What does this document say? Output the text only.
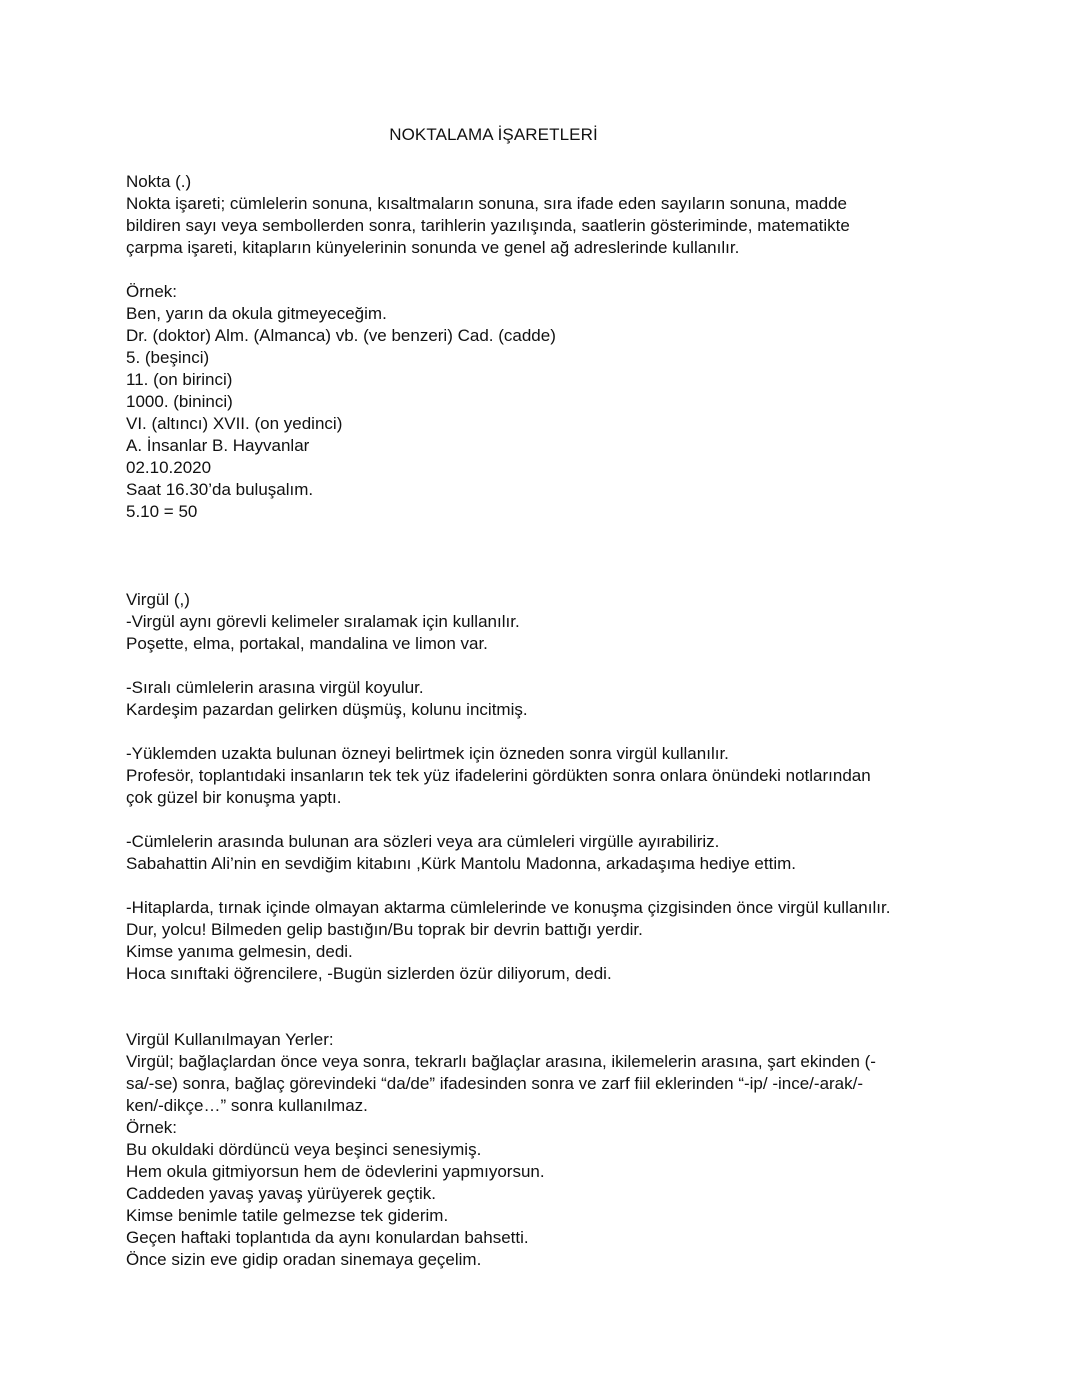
NOKTALAMA İŞARETLERİ
Nokta (.)
Nokta işareti; cümlelerin sonuna, kısaltmaların sonuna, sıra ifade eden sayıların sonuna, madde
bildiren sayı veya sembollerden sonra, tarihlerin yazılışında, saatlerin gösteriminde, matematikte
çarpma işareti, kitapların künyelerinin sonunda ve genel ağ adreslerinde kullanılır.
Örnek:
Ben, yarın da okula gitmeyeceğim.
Dr. (doktor) Alm. (Almanca) vb. (ve benzeri) Cad. (cadde)
5. (beşinci)
11. (on birinci)
1000. (bininci)
VI. (altıncı) XVII. (on yedinci)
A. İnsanlar B. Hayvanlar
02.10.2020
Saat 16.30’da buluşalım.
5.10 = 50
Virgül (,)
-Virgül aynı görevli kelimeler sıralamak için kullanılır.
Poşette, elma, portakal, mandalina ve limon var.
-Sıralı cümlelerin arasına virgül koyulur.
Kardeşim pazardan gelirken düşmüş, kolunu incitmiş.
-Yüklemden uzakta bulunan özneyi belirtmek için özneden sonra virgül kullanılır.
Profesör, toplantıdaki insanların tek tek yüz ifadelerini gördükten sonra onlara önündeki notlarından
çok güzel bir konuşma yaptı.
-Cümlelerin arasında bulunan ara sözleri veya ara cümleleri virgülle ayırabiliriz.
Sabahattin Ali’nin en sevdiğim kitabını ,Kürk Mantolu Madonna, arkadaşıma hediye ettim.
-Hitaplarda, tırnak içinde olmayan aktarma cümlelerinde ve konuşma çizgisinden önce virgül kullanılır.
Dur, yolcu! Bilmeden gelip bastığın/Bu toprak bir devrin battığı yerdir.
Kimse yanıma gelmesin, dedi.
Hoca sınıftaki öğrencilere, -Bugün sizlerden özür diliyorum, dedi.
Virgül Kullanılmayan Yerler:
Virgül; bağlaçlardan önce veya sonra, tekrarlı bağlaçlar arasına, ikilemelerin arasına, şart ekinden (-
sa/-se) sonra, bağlaç görevindeki “da/de” ifadesinden sonra ve zarf fiil eklerinden “-ip/ -ince/-arak/-
ken/-dikçe…” sonra kullanılmaz.
Örnek:
Bu okuldaki dördüncü veya beşinci senesiymiş.
Hem okula gitmiyorsun hem de ödevlerini yapmıyorsun.
Caddeden yavaş yavaş yürüyerek geçtik.
Kimse benimle tatile gelmezse tek giderim.
Geçen haftaki toplantıda da aynı konulardan bahsetti.
Önce sizin eve gidip oradan sinemaya geçelim.
